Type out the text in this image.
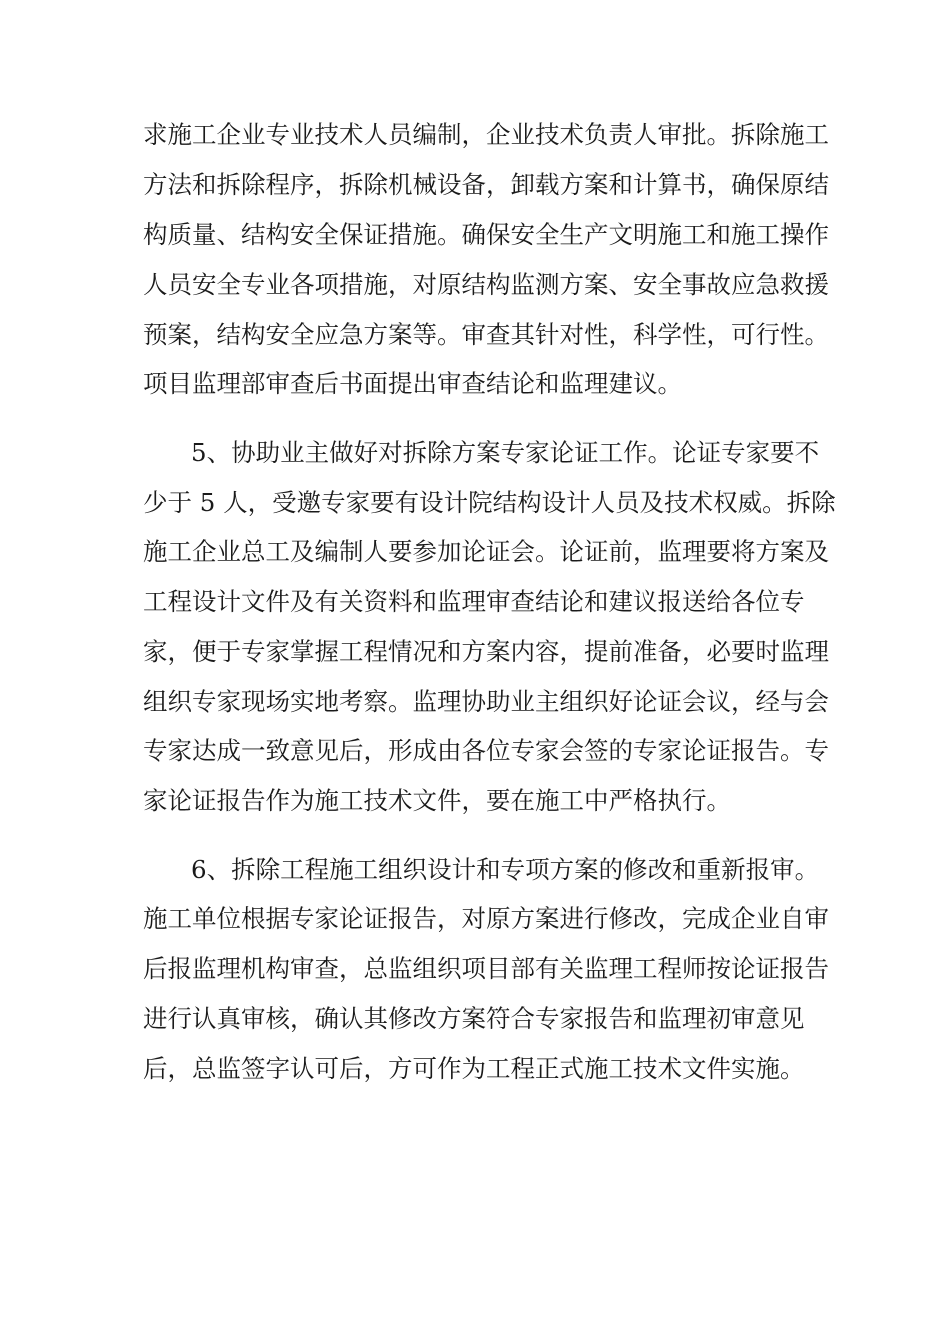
求施工企业专业技术人员编制，企业技术负责人审批。拆除施工

方法和拆除程序，拆除机械设备，卸载方案和计算书，确保原结

构质量、结构安全保证措施。确保安全生产文明施工和施工操作

人员安全专业各项措施，对原结构监测方案、安全事故应急救援

预案，结构安全应急方案等。审查其针对性，科学性，可行性。

项目监理部审查后书面提出审查结论和监理建议。

5、协助业主做好对拆除方案专家论证工作。论证专家要不

少于 5 人，受邀专家要有设计院结构设计人员及技术权威。拆除

施工企业总工及编制人要参加论证会。论证前，监理要将方案及

工程设计文件及有关资料和监理审查结论和建议报送给各位专

家，便于专家掌握工程情况和方案内容，提前准备，必要时监理

组织专家现场实地考察。监理协助业主组织好论证会议，经与会

专家达成一致意见后，形成由各位专家会签的专家论证报告。专

家论证报告作为施工技术文件，要在施工中严格执行。

6、拆除工程施工组织设计和专项方案的修改和重新报审。

施工单位根据专家论证报告，对原方案进行修改，完成企业自审

后报监理机构审查，总监组织项目部有关监理工程师按论证报告

进行认真审核，确认其修改方案符合专家报告和监理初审意见

后，总监签字认可后，方可作为工程正式施工技术文件实施。
